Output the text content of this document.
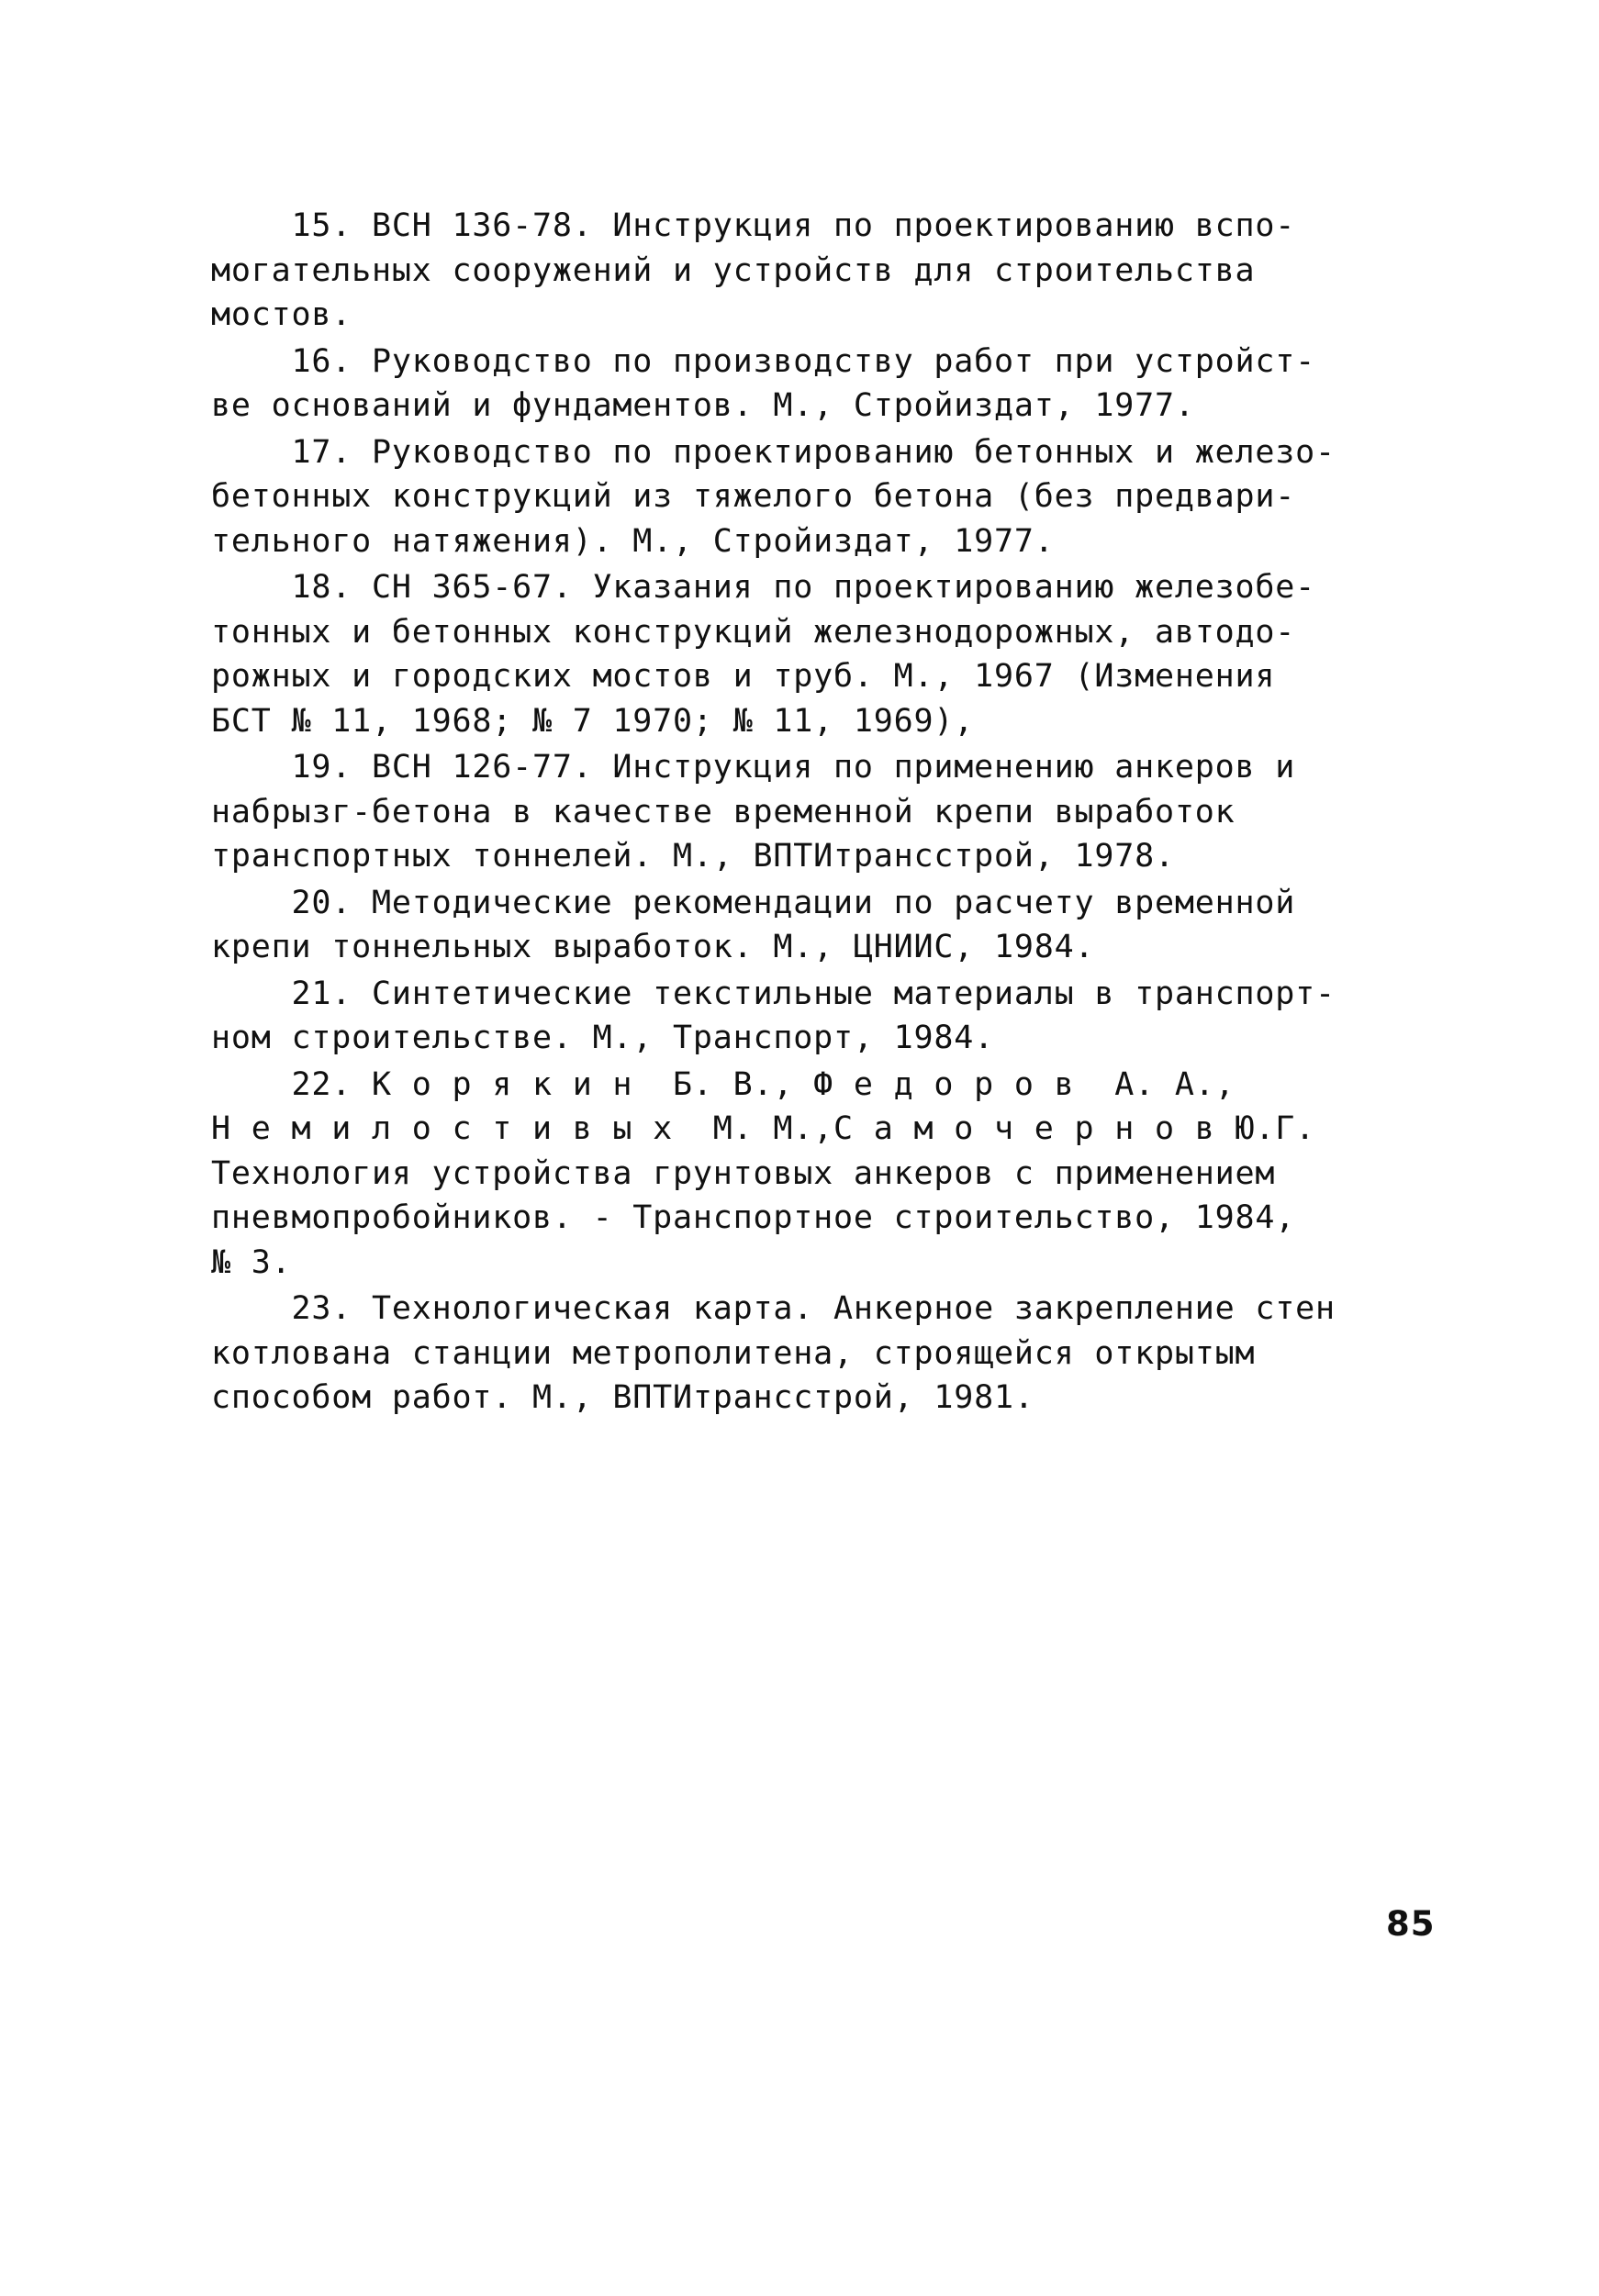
15. ВСН 136-78. Инструкция по проектированию вспо-
могательных сооружений и устройств для строительства
мостов.
16. Руководство по производству работ при устройст-
ве оснований и фундаментов. М., Стройиздат, 1977.
17. Руководство по проектированию бетонных и железо-
бетонных конструкций из тяжелого бетона (без предвари-
тельного натяжения). М., Стройиздат, 1977.
18. СН 365-67. Указания по проектированию железобе-
тонных и бетонных конструкций железнодорожных, автодо-
рожных и городских мостов и труб. М., 1967 (Изменения
БСТ № 11, 1968; № 7 1970; № 11, 1969),
19. ВСН 126-77. Инструкция по применению анкеров и
набрызг-бетона в качестве временной крепи выработок
транспортных тоннелей. М., ВПТИтрансстрой, 1978.
20. Методические рекомендации по расчету временной
крепи тоннельных выработок. М., ЦНИИС, 1984.
21. Синтетические текстильные материалы в транспорт-
ном строительстве. М., Транспорт, 1984.
22. К о р я к и н  Б. В., Ф е д о р о в  А. А.,
Н е м и л о с т и в ы х  М. М.,С а м о ч е р н о в Ю.Г.
Технология устройства грунтовых анкеров с применением
пневмопробойников. - Транспортное строительство, 1984,
№ 3.
23. Технологическая карта. Анкерное закрепление стен
котлована станции метрополитена, строящейся открытым
способом работ. М., ВПТИтрансстрой, 1981.
85
